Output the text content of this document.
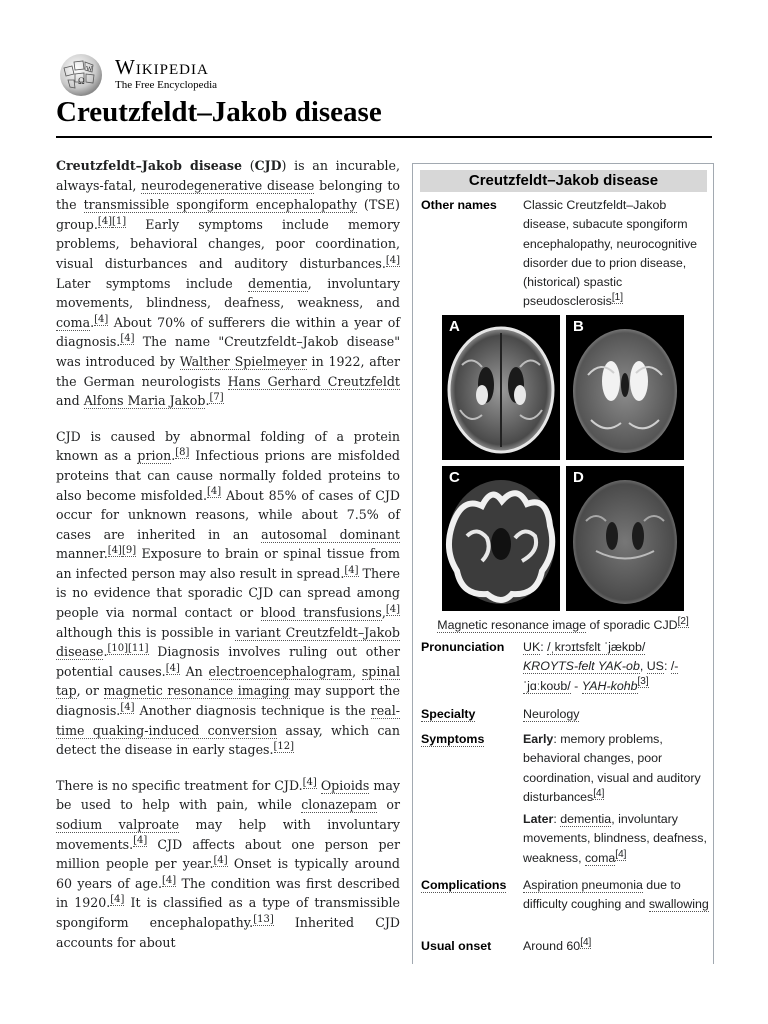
Ω
W Wikipedia
The Free Encyclopedia
Creutzfeldt–Jakob disease

Creutzfeldt–Jakob disease (CJD) is an incurable, always-fatal, neurodegenerative disease belonging to the transmissible spongiform encephalopathy (TSE) group.[4][1] Early symptoms include memory problems, behavioral changes, poor coordination, visual disturbances and auditory disturbances.[4] Later symptoms include dementia, involuntary movements, blindness, deafness, weakness, and coma.[4] About 70% of sufferers die within a year of diagnosis.[4] The name "Creutzfeldt–Jakob disease" was introduced by Walther Spielmeyer in 1922, after the German neurologists Hans Gerhard Creutzfeldt and Alfons Maria Jakob.[7]

CJD is caused by abnormal folding of a protein known as a prion.[8] Infectious prions are misfolded proteins that can cause normally folded proteins to also become misfolded.[4] About 85% of cases of CJD occur for unknown reasons, while about 7.5% of cases are inherited in an autosomal dominant manner.[4][9] Exposure to brain or spinal tissue from an infected person may also result in spread.[4] There is no evidence that sporadic CJD can spread among people via normal contact or blood transfusions,[4] although this is possible in variant Creutzfeldt–Jakob disease.[10][11] Diagnosis involves ruling out other potential causes.[4] An electroencephalogram, spinal tap, or magnetic resonance imaging may support the diagnosis.[4] Another diagnosis technique is the real-time quaking-induced conversion assay, which can detect the disease in early stages.[12]

There is no specific treatment for CJD.[4] Opioids may be used to help with pain, while clonazepam or sodium valproate may help with involuntary movements.[4] CJD affects about one person per million people per year.[4] Onset is typically around 60 years of age.[4] The condition was first described in 1920.[4] It is classified as a type of transmissible spongiform encephalopathy.[13] Inherited CJD accounts for about

Creutzfeldt–Jakob disease
Other names	Classic Creutzfeldt–Jakob disease, subacute spongiform encephalopathy, neurocognitive disorder due to prion disease, (historical) spastic pseudosclerosis[1]
A	B
C	D
Magnetic resonance image of sporadic CJD[2]
Pronunciation	UK: /ˌkrɔɪtsfɛlt ˈjækɒb/
KROYTS-felt YAK-ob, US: /-ˈjɑːkoʊb/ - YAH-kohb[3]
Specialty	Neurology
Symptoms	Early: memory problems, behavioral changes, poor coordination, visual and auditory disturbances[4]
Later: dementia, involuntary movements, blindness, deafness, weakness, coma[4]
Complications	Aspiration pneumonia due to difficulty coughing and swallowing
Usual onset	Around 60[4]
